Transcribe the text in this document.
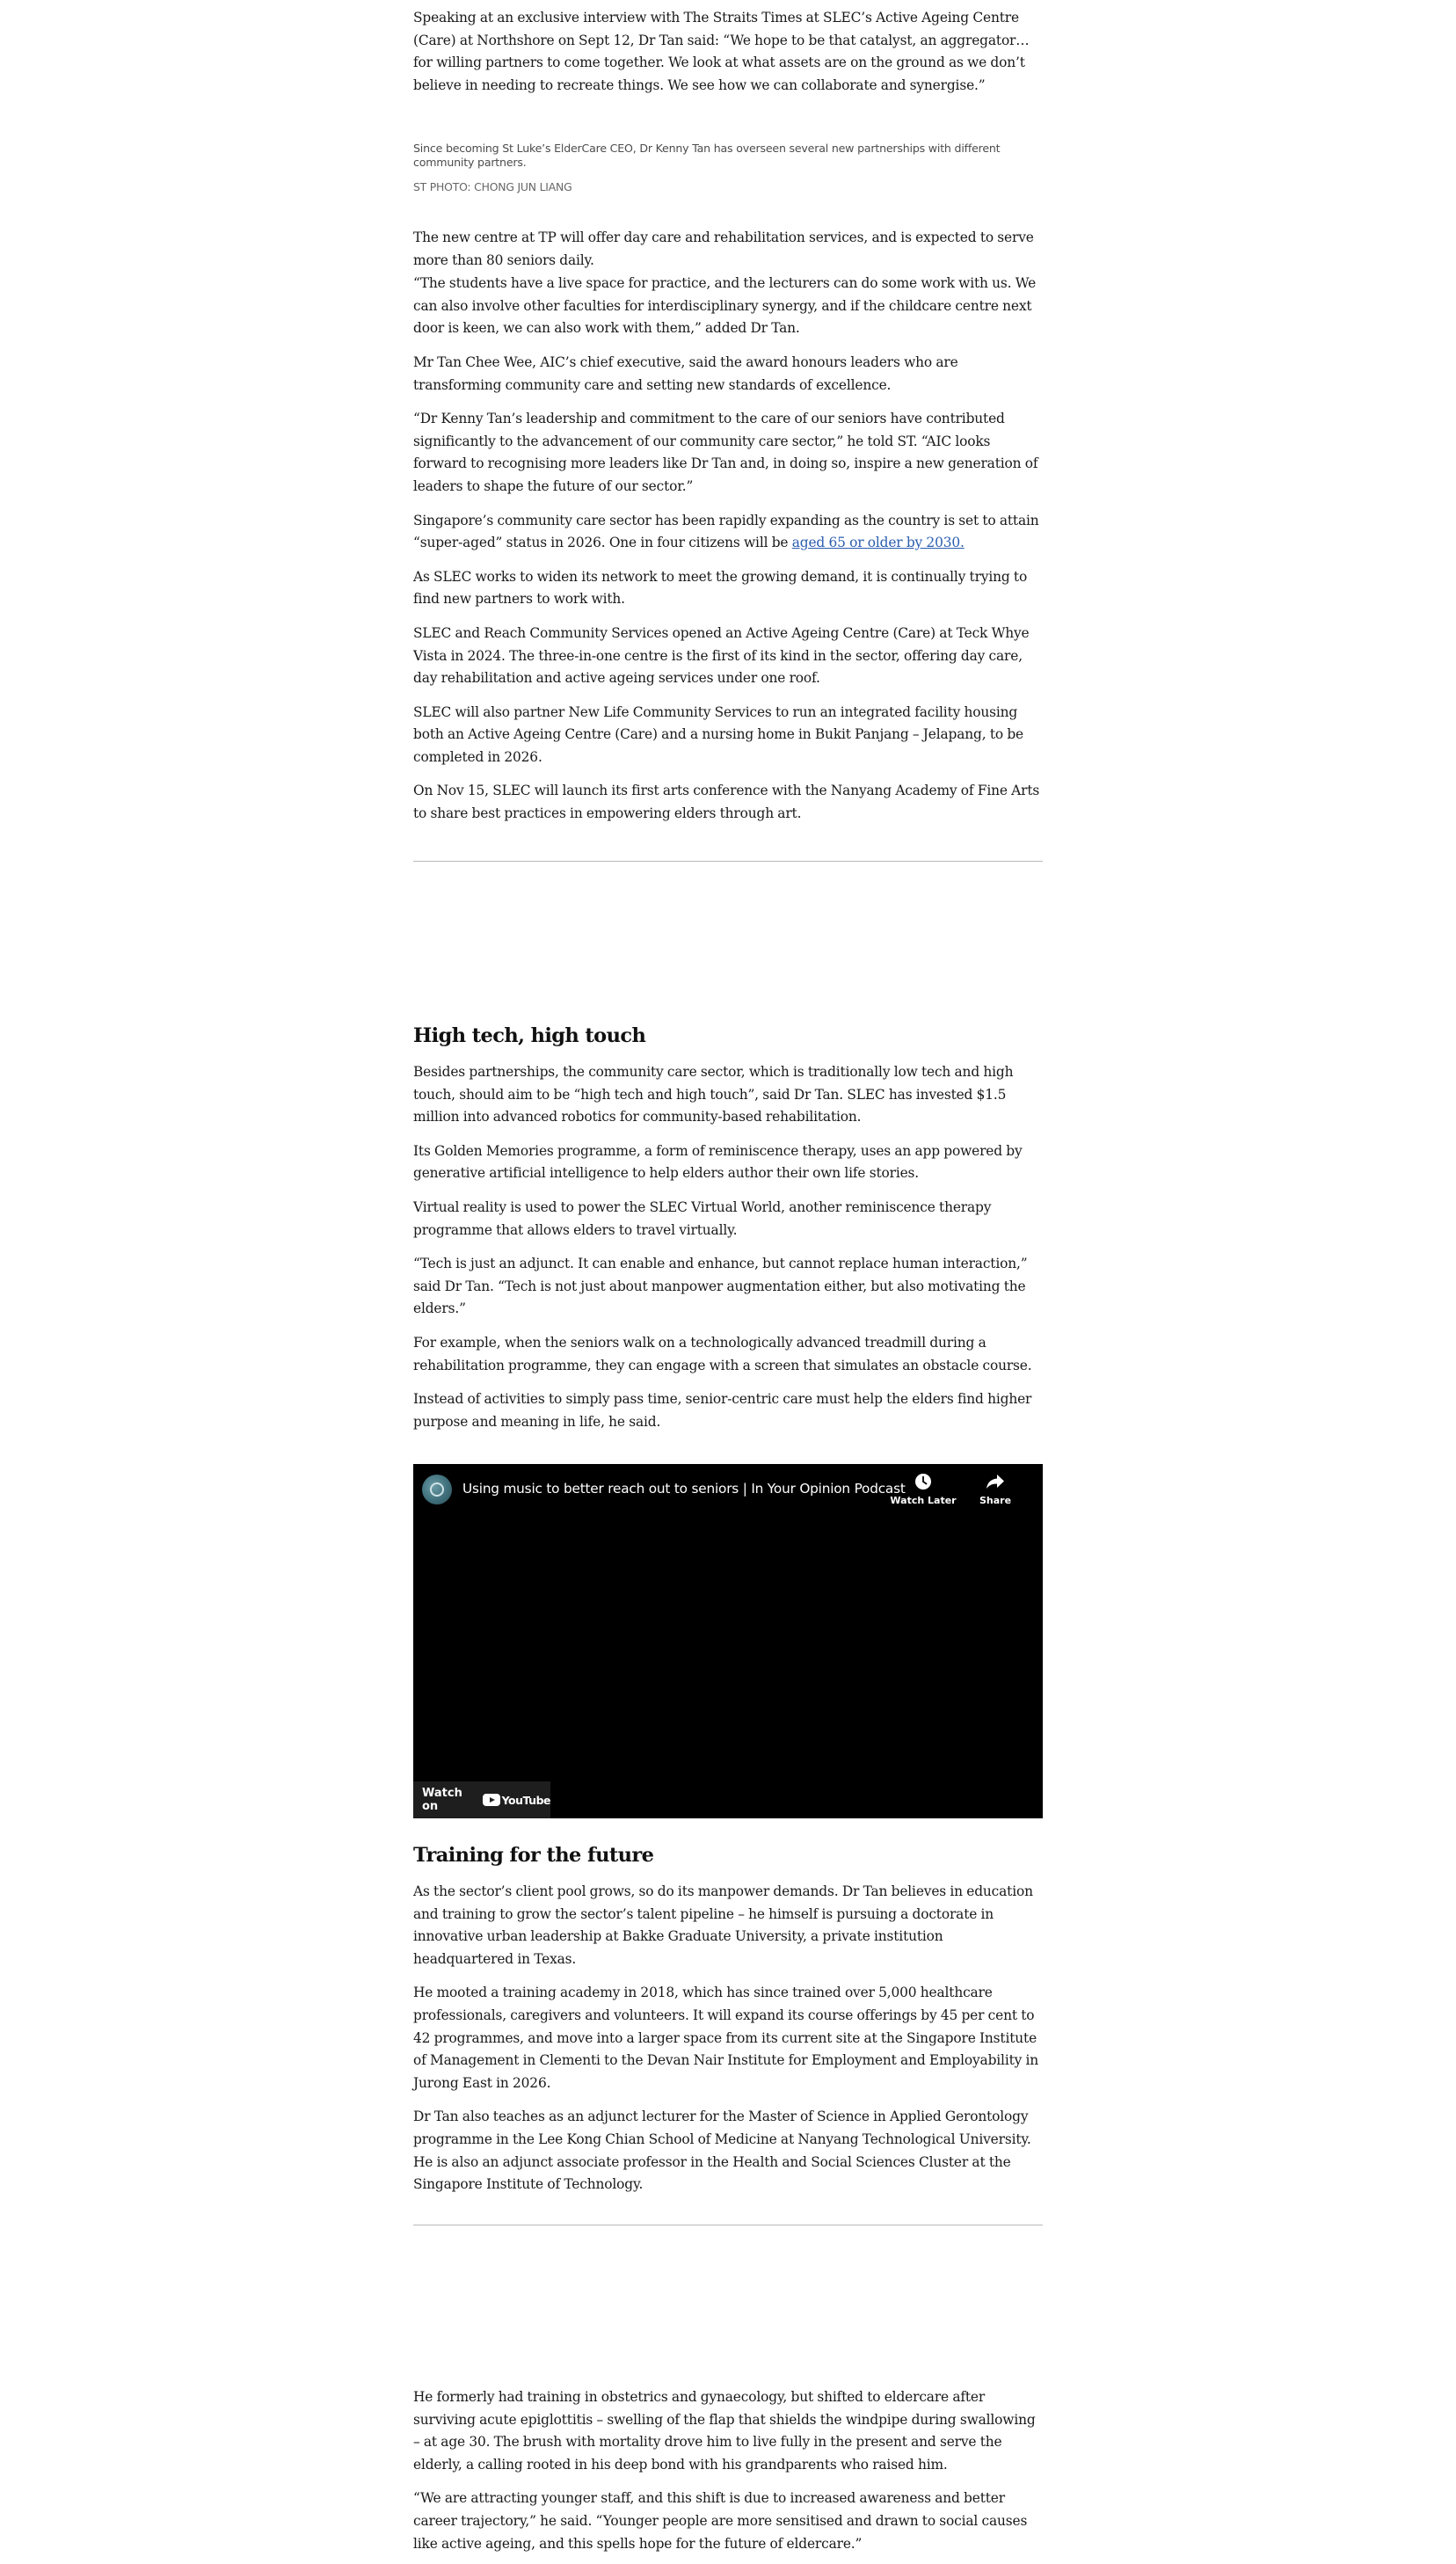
Speaking at an exclusive interview with The Straits Times at SLEC’s Active Ageing Centre (Care) at Northshore on Sept 12, Dr Tan said: “We hope to be that catalyst, an aggregator… for willing partners to come together. We look at what assets are on the ground as we don’t believe in needing to recreate things. We see how we can collaborate and synergise.”

Since becoming St Luke’s ElderCare CEO, Dr Kenny Tan has overseen several new partnerships with different community partners.
ST PHOTO: CHONG JUN LIANG

The new centre at TP will offer day care and rehabilitation services, and is expected to serve more than 80 seniors daily.

“The students have a live space for practice, and the lecturers can do some work with us. We can also involve other faculties for interdisciplinary synergy, and if the childcare centre next door is keen, we can also work with them,” added Dr Tan.

Mr Tan Chee Wee, AIC’s chief executive, said the award honours leaders who are transforming community care and setting new standards of excellence.

“Dr Kenny Tan’s leadership and commitment to the care of our seniors have contributed significantly to the advancement of our community care sector,” he told ST. “AIC looks forward to recognising more leaders like Dr Tan and, in doing so, inspire a new generation of leaders to shape the future of our sector.”

Singapore’s community care sector has been rapidly expanding as the country is set to attain “super-aged” status in 2026. One in four citizens will be aged 65 or older by 2030.

As SLEC works to widen its network to meet the growing demand, it is continually trying to find new partners to work with.

SLEC and Reach Community Services opened an Active Ageing Centre (Care) at Teck Whye Vista in 2024. The three-in-one centre is the first of its kind in the sector, offering day care, day rehabilitation and active ageing services under one roof.

SLEC will also partner New Life Community Services to run an integrated facility housing both an Active Ageing Centre (Care) and a nursing home in Bukit Panjang – Jelapang, to be completed in 2026.

On Nov 15, SLEC will launch its first arts conference with the Nanyang Academy of Fine Arts to share best practices in empowering elders through art.

High tech, high touch

Besides partnerships, the community care sector, which is traditionally low tech and high touch, should aim to be “high tech and high touch”, said Dr Tan. SLEC has invested $1.5 million into advanced robotics for community-based rehabilitation.

Its Golden Memories programme, a form of reminiscence therapy, uses an app powered by generative artificial intelligence to help elders author their own life stories.

Virtual reality is used to power the SLEC Virtual World, another reminiscence therapy programme that allows elders to travel virtually.

“Tech is just an adjunct. It can enable and enhance, but cannot replace human interaction,” said Dr Tan. “Tech is not just about manpower augmentation either, but also motivating the elders.”

For example, when the seniors walk on a technologically advanced treadmill during a rehabilitation programme, they can engage with a screen that simulates an obstacle course.

Instead of activities to simply pass time, senior-centric care must help the elders find higher purpose and meaning in life, he said.

Using music to better reach out to seniors | In Your Opinion Podcast
Watch Later	Share
Watch on	YouTube
Training for the future

As the sector’s client pool grows, so do its manpower demands. Dr Tan believes in education and training to grow the sector’s talent pipeline – he himself is pursuing a doctorate in innovative urban leadership at Bakke Graduate University, a private institution headquartered in Texas.

He mooted a training academy in 2018, which has since trained over 5,000 healthcare professionals, caregivers and volunteers. It will expand its course offerings by 45 per cent to 42 programmes, and move into a larger space from its current site at the Singapore Institute of Management in Clementi to the Devan Nair Institute for Employment and Employability in Jurong East in 2026.

Dr Tan also teaches as an adjunct lecturer for the Master of Science in Applied Gerontology programme in the Lee Kong Chian School of Medicine at Nanyang Technological University. He is also an adjunct associate professor in the Health and Social Sciences Cluster at the Singapore Institute of Technology.

He formerly had training in obstetrics and gynaecology, but shifted to eldercare after surviving acute epiglottitis – swelling of the flap that shields the windpipe during swallowing – at age 30. The brush with mortality drove him to live fully in the present and serve the elderly, a calling rooted in his deep bond with his grandparents who raised him.

“We are attracting younger staff, and this shift is due to increased awareness and better career trajectory,” he said. “Younger people are more sensitised and drawn to social causes like active ageing, and this spells hope for the future of eldercare.”
